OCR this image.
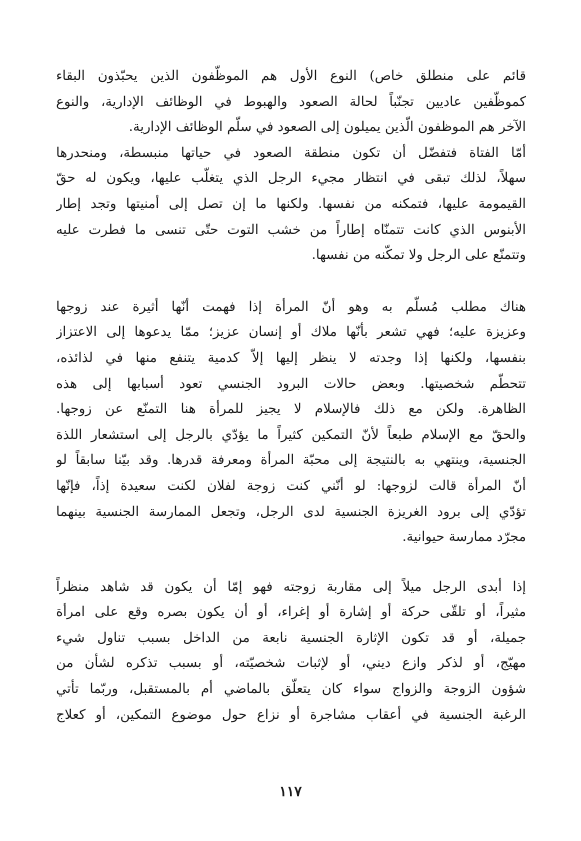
قائم على منطلق خاص) النوع الأول هم الموظّفون الذين يحبّذون البقاء
كموظّفين عاديين تجنّباً لحالة الصعود والهبوط في الوظائف الإدارية، والنوع
الآخر هم الموظفون الّذين يميلون إلى الصعود في سلّم الوظائف الإدارية.
أمّا الفتاة فتفضّل أن تكون منطقة الصعود في حياتها منبسطة، ومنحدرها
سهلاً، لذلك تبقى في انتظار مجيء الرجل الذي يتغلّب عليها، ويكون له حقّ
القيمومة عليها، فتمكنه من نفسها. ولكنها ما إن تصل إلى أمنيتها وتجد إطار
الأبنوس الذي كانت تتمنّاه إطاراً من خشب التوت حتّى تنسى ما فطرت عليه
وتتمنّع على الرجل ولا تمكّنه من نفسها.
هناك مطلب مُسلّم به وهو أنّ المرأة إذا فهمت أنّها أثيرة عند زوجها
وعزيزة عليه؛ فهي تشعر بأنّها ملاك أو إنسان عزيز؛ ممّا يدعوها إلى الاعتزاز
بنفسها، ولكنها إذا وجدته لا ينظر إليها إلاّ كدمية يتنفع منها في لذائذه،
تتحطّم شخصيتها. وبعض حالات البرود الجنسي تعود أسبابها إلى هذه
الظاهرة. ولكن مع ذلك فالإسلام لا يجيز للمرأة هنا التمنّع عن زوجها.
والحقّ مع الإسلام طبعاً لأنّ التمكين كثيراً ما يؤدّي بالرجل إلى استشعار اللذة
الجنسية، وينتهي به بالنتيجة إلى محبّة المرأة ومعرفة قدرها. وقد بيّنا سابقاً لو
أنّ المرأة قالت لزوجها: لو أنّني كنت زوجة لفلان لكنت سعيدة إذاً، فإنّها
تؤدّي إلى برود الغريزة الجنسية لدى الرجل، وتجعل الممارسة الجنسية بينهما
مجرّد ممارسة حيوانية.
إذا أبدى الرجل ميلاً إلى مقاربة زوجته فهو إمّا أن يكون قد شاهد منظراً
مثيراً، أو تلقّى حركة أو إشارة أو إغراء، أو أن يكون بصره وقع على امرأة
جميلة، أو قد تكون الإثارة الجنسية نابعة من الداخل بسبب تناول شيء
مهيّج، أو لذكر وازع ديني، أو لإثبات شخصيّته، أو بسبب تذكره لشأن من
شؤون الزوجة والزواج سواء كان يتعلّق بالماضي أم بالمستقبل، وربّما تأتي
الرغبة الجنسية في أعقاب مشاجرة أو نزاع حول موضوع التمكين، أو كعلاج
١١٧
